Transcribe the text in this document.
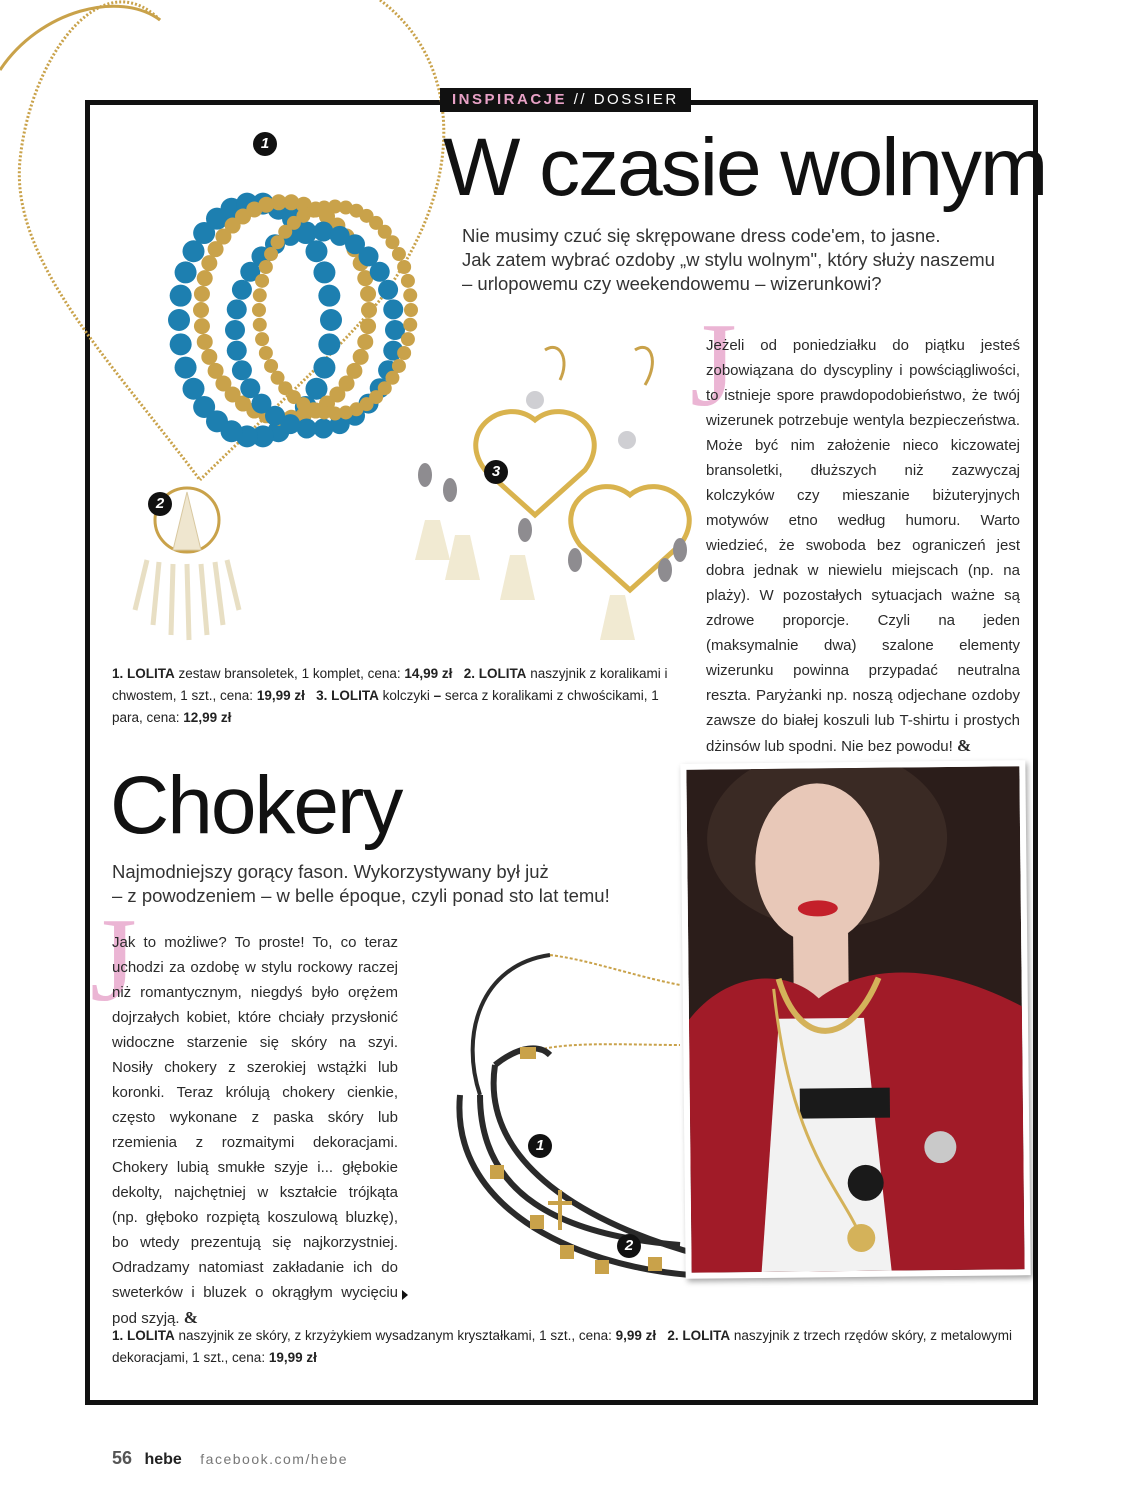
INSPIRACJE // DOSSIER
W czasie wolnym

Nie musimy czuć się skrępowane dress code'em, to jasne.
Jak zatem wybrać ozdoby „w stylu wolnym", który służy naszemu
– urlopowemu czy weekendowemu – wizerunkowi?

1
2
3
J

Jeżeli od poniedziałku do piątku jesteś zobowiązana do dyscypliny i powściągliwości, to istnieje spore prawdopodobieństwo, że twój wizerunek potrzebuje wentyla bezpieczeństwa. Może być nim założenie nieco kiczowatej bransoletki, dłuższych niż zazwyczaj kolczyków czy mieszanie biżuteryjnych motywów etno według humoru. Warto wiedzieć, że swoboda bez ograniczeń jest dobra jednak w niewielu miejscach (np. na plaży). W pozostałych sytuacjach ważne są zdrowe proporcje. Czyli na jeden (maksymalnie dwa) szalone elementy wizerunku powinna przypadać neutralna reszta. Paryżanki np. noszą odjechane ozdoby zawsze do białej koszuli lub T-shirtu i prostych dżinsów lub spodni. Nie bez powodu! &

1. LOLITA zestaw bransoletek, 1 komplet, cena: 14,99 zł 2. LOLITA naszyjnik z koralikami i chwostem, 1 szt., cena: 19,99 zł 3. LOLITA kolczyki – serca z koralikami z chwościkami, 1 para, cena: 12,99 zł

Chokery

Najmodniejszy gorący fason. Wykorzystywany był już
– z powodzeniem – w belle époque, czyli ponad sto lat temu!

J

Jak to możliwe? To proste! To, co teraz uchodzi za ozdobę w stylu rockowy raczej niż romantycznym, niegdyś było orężem dojrzałych kobiet, które chciały przysłonić widoczne starzenie się skóry na szyi. Nosiły chokery z szerokiej wstążki lub koronki. Teraz królują chokery cienkie, często wykonane z paska skóry lub rzemienia z rozmaitymi dekoracjami. Chokery lubią smukłe szyje i... głębokie dekolty, najchętniej w kształcie trójkąta (np. głęboko rozpiętą koszulową bluzkę), bo wtedy prezentują się najkorzystniej. Odradzamy natomiast zakładanie ich do sweterków i bluzek o okrągłym wycięciu pod szyją. &

1
2

1. LOLITA naszyjnik ze skóry, z krzyżykiem wysadzanym kryształkami, 1 szt., cena: 9,99 zł 2. LOLITA naszyjnik z trzech rzędów skóry, z metalowymi dekoracjami, 1 szt., cena: 19,99 zł

56 hebe facebook.com/hebe
